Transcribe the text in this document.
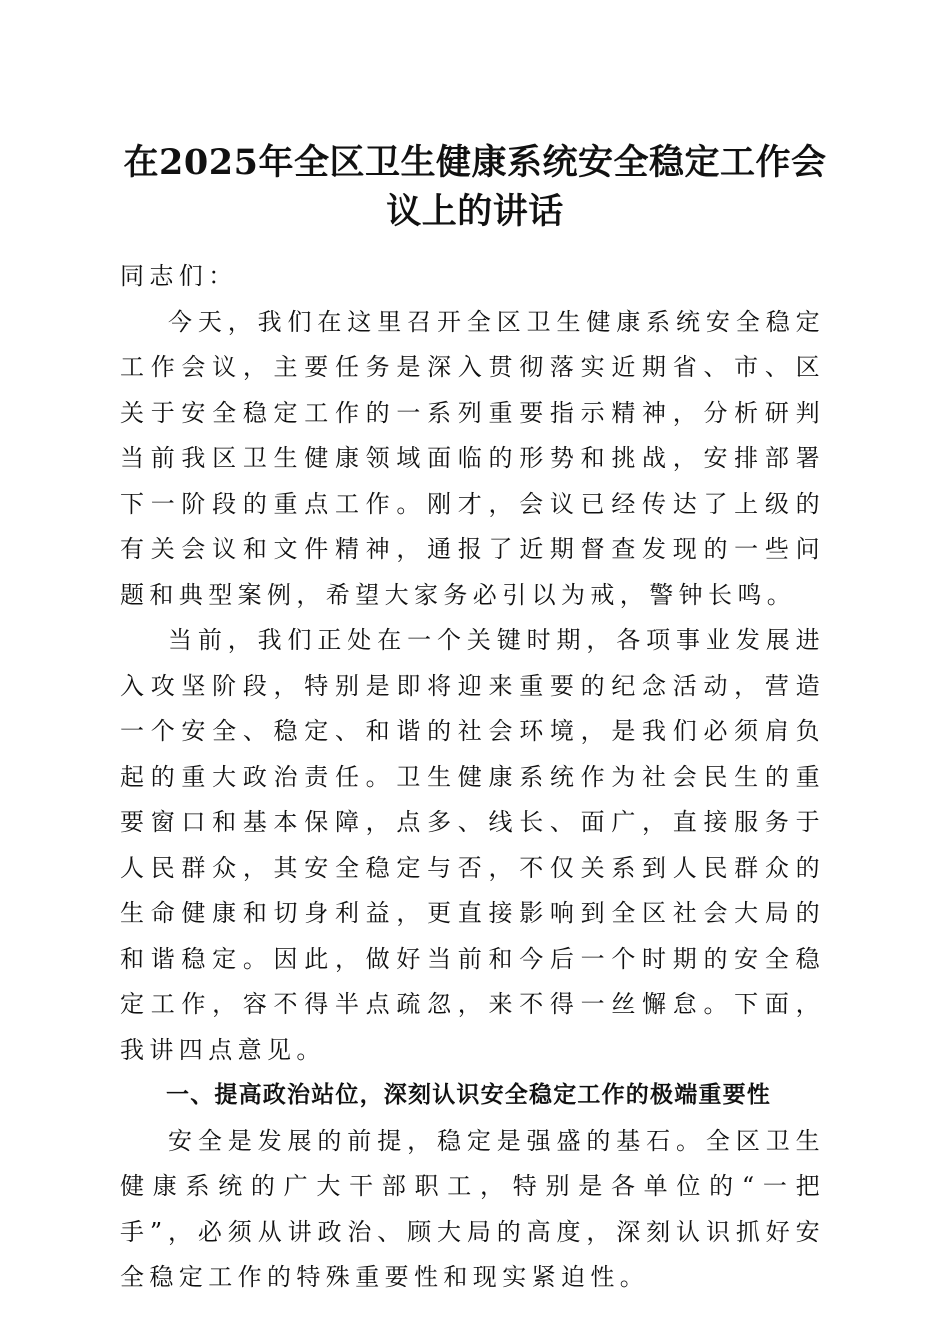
在2025年全区卫生健康系统安全稳定工作会议上的讲话

同志们：

今天，我们在这里召开全区卫生健康系统安全稳定工作会议，主要任务是深入贯彻落实近期省、市、区关于安全稳定工作的一系列重要指示精神，分析研判当前我区卫生健康领域面临的形势和挑战，安排部署下一阶段的重点工作。刚才，会议已经传达了上级的有关会议和文件精神，通报了近期督查发现的一些问题和典型案例，希望大家务必引以为戒，警钟长鸣。

当前，我们正处在一个关键时期，各项事业发展进入攻坚阶段，特别是即将迎来重要的纪念活动，营造一个安全、稳定、和谐的社会环境，是我们必须肩负起的重大政治责任。卫生健康系统作为社会民生的重要窗口和基本保障，点多、线长、面广，直接服务于人民群众，其安全稳定与否，不仅关系到人民群众的生命健康和切身利益，更直接影响到全区社会大局的和谐稳定。因此，做好当前和今后一个时期的安全稳定工作，容不得半点疏忽，来不得一丝懈怠。下面，我讲四点意见。

一、提高政治站位，深刻认识安全稳定工作的极端重要性

安全是发展的前提，稳定是强盛的基石。全区卫生健康系统的广大干部职工，特别是各单位的“一把手”，必须从讲政治、顾大局的高度，深刻认识抓好安全稳定工作的特殊重要性和现实紧迫性。
